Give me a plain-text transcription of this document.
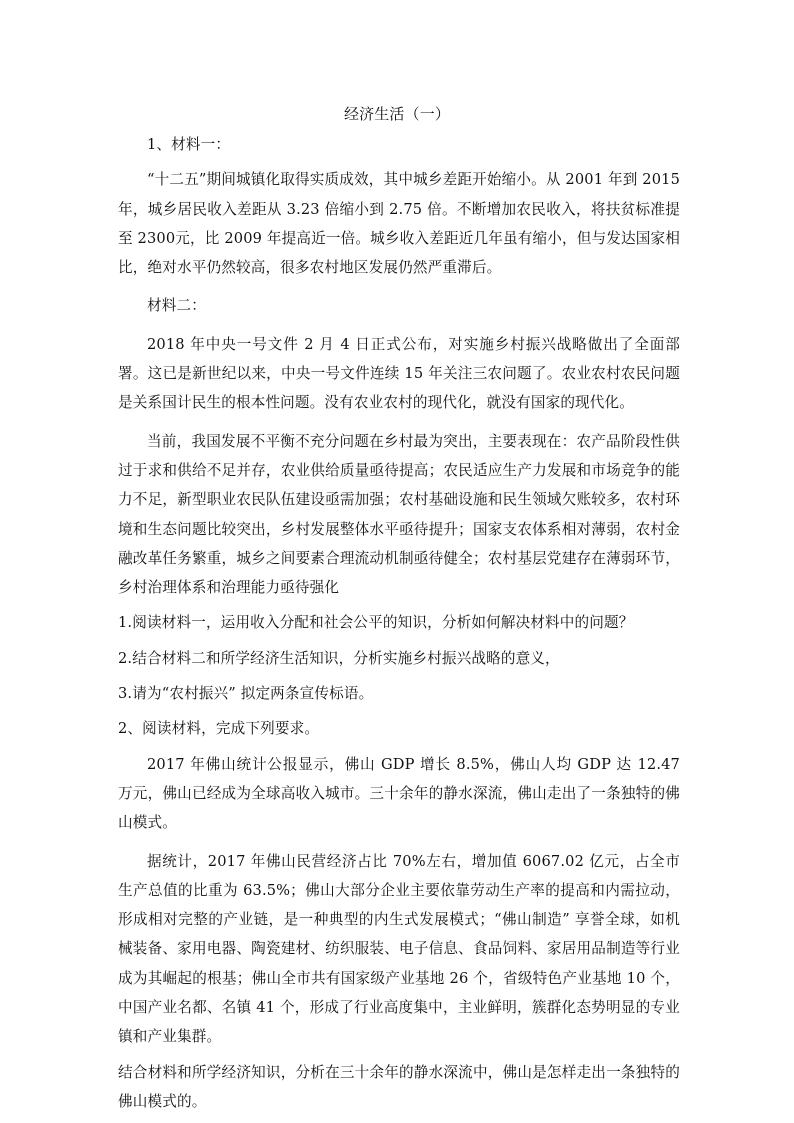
经济生活（一）

1、材料一：

“十二五”期间城镇化取得实质成效，其中城乡差距开始缩小。从 2001 年到 2015 年，城乡居民收入差距从 3.23 倍缩小到 2.75 倍。不断增加农民收入，将扶贫标准提至 2300元，比 2009 年提高近一倍。城乡收入差距近几年虽有缩小，但与发达国家相比，绝对水平仍然较高，很多农村地区发展仍然严重滞后。

材料二：

2018 年中央一号文件 2 月 4 日正式公布，对实施乡村振兴战略做出了全面部署。这已是新世纪以来，中央一号文件连续 15 年关注三农问题了。农业农村农民问题是关系国计民生的根本性问题。没有农业农村的现代化，就没有国家的现代化。

当前，我国发展不平衡不充分问题在乡村最为突出，主要表现在：农产品阶段性供过于求和供给不足并存，农业供给质量亟待提高；农民适应生产力发展和市场竞争的能力不足，新型职业农民队伍建设亟需加强；农村基础设施和民生领域欠账较多，农村环境和生态问题比较突出，乡村发展整体水平亟待提升；国家支农体系相对薄弱，农村金融改革任务繁重，城乡之间要素合理流动机制亟待健全；农村基层党建存在薄弱环节，乡村治理体系和治理能力亟待强化

1.阅读材料一，运用收入分配和社会公平的知识，分析如何解决材料中的问题？

2.结合材料二和所学经济生活知识，分析实施乡村振兴战略的意义，

3.请为“农村振兴” 拟定两条宣传标语。

2、阅读材料，完成下列要求。

2017 年佛山统计公报显示，佛山 GDP 增长 8.5%，佛山人均 GDP 达 12.47 万元，佛山已经成为全球高收入城市。三十余年的静水深流，佛山走出了一条独特的佛山模式。

据统计，2017 年佛山民营经济占比 70%左右，增加值 6067.02 亿元，占全市生产总值的比重为 63.5%；佛山大部分企业主要依靠劳动生产率的提高和内需拉动，形成相对完整的产业链，是一种典型的内生式发展模式；“佛山制造” 享誉全球，如机械装备、家用电器、陶瓷建材、纺织服装、电子信息、食品饲料、家居用品制造等行业成为其崛起的根基；佛山全市共有国家级产业基地 26 个，省级特色产业基地 10 个，中国产业名都、名镇 41 个，形成了行业高度集中，主业鲜明，簇群化态势明显的专业镇和产业集群。

结合材料和所学经济知识，分析在三十余年的静水深流中，佛山是怎样走出一条独特的佛山模式的。
